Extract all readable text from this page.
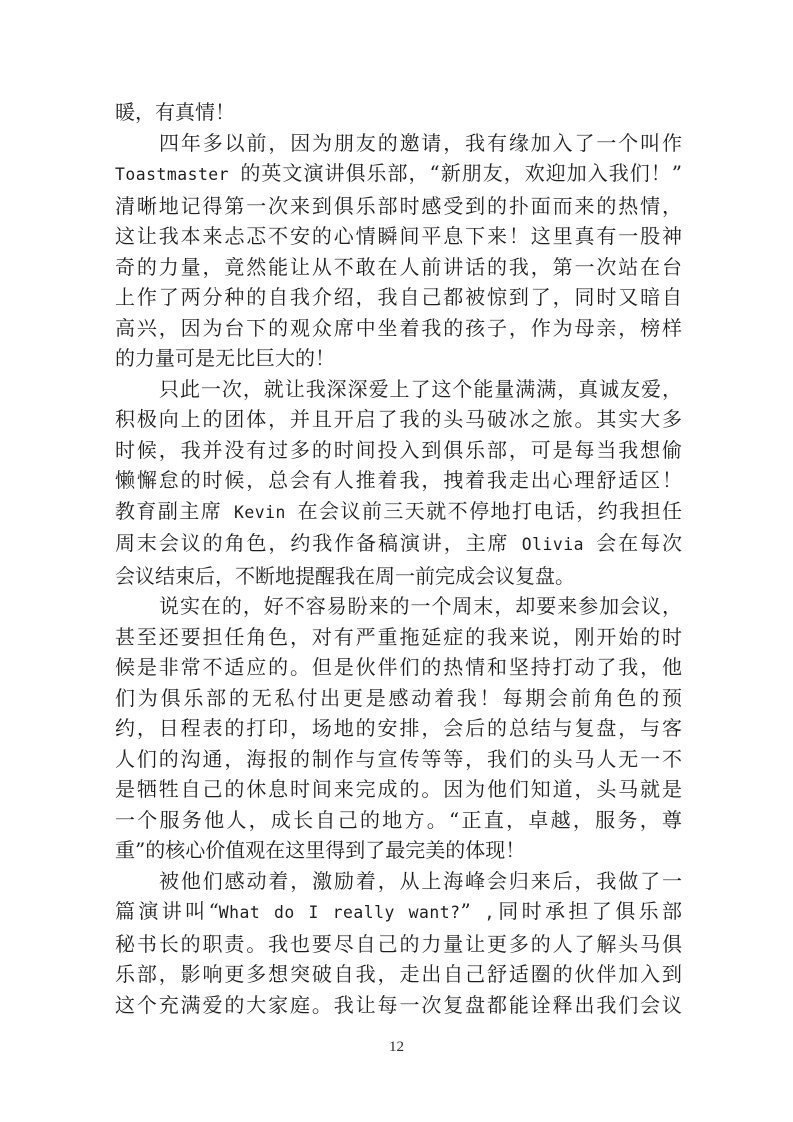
暖，有真情！
四年多以前，因为朋友的邀请，我有缘加入了一个叫作
Toastmaster 的英文演讲俱乐部，“新朋友，欢迎加入我们！”
清晰地记得第一次来到俱乐部时感受到的扑面而来的热情，
这让我本来忐忑不安的心情瞬间平息下来！这里真有一股神
奇的力量，竟然能让从不敢在人前讲话的我，第一次站在台
上作了两分种的自我介绍，我自己都被惊到了，同时又暗自
高兴，因为台下的观众席中坐着我的孩子，作为母亲，榜样
的力量可是无比巨大的！
只此一次，就让我深深爱上了这个能量满满，真诚友爱，
积极向上的团体，并且开启了我的头马破冰之旅。其实大多
时候，我并没有过多的时间投入到俱乐部，可是每当我想偷
懒懈怠的时候，总会有人推着我，拽着我走出心理舒适区！
教育副主席 Kevin 在会议前三天就不停地打电话，约我担任
周末会议的角色，约我作备稿演讲，主席 Olivia 会在每次
会议结束后，不断地提醒我在周一前完成会议复盘。
说实在的，好不容易盼来的一个周末，却要来参加会议，
甚至还要担任角色，对有严重拖延症的我来说，刚开始的时
候是非常不适应的。但是伙伴们的热情和坚持打动了我，他
们为俱乐部的无私付出更是感动着我！每期会前角色的预
约，日程表的打印，场地的安排，会后的总结与复盘，与客
人们的沟通，海报的制作与宣传等等，我们的头马人无一不
是牺牲自己的休息时间来完成的。因为他们知道，头马就是
一个服务他人，成长自己的地方。“正直，卓越，服务，尊
重”的核心价值观在这里得到了最完美的体现！
被他们感动着，激励着，从上海峰会归来后，我做了一
篇演讲叫“What do I really want?” ,同时承担了俱乐部
秘书长的职责。我也要尽自己的力量让更多的人了解头马俱
乐部，影响更多想突破自我，走出自己舒适圈的伙伴加入到
这个充满爱的大家庭。我让每一次复盘都能诠释出我们会议
12
